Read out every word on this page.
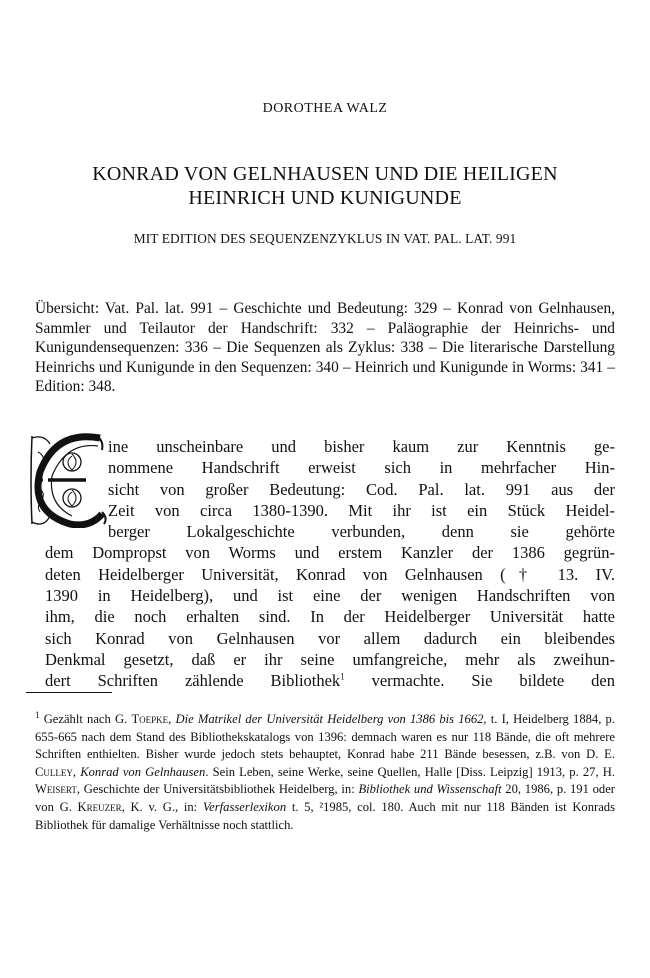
DOROTHEA WALZ
KONRAD VON GELNHAUSEN UND DIE HEILIGEN
HEINRICH UND KUNIGUNDE
MIT EDITION DES SEQUENZENZYKLUS IN VAT. PAL. LAT. 991
Übersicht: Vat. Pal. lat. 991 – Geschichte und Bedeutung: 329 – Konrad von Gelnhausen, Sammler und Teilautor der Handschrift: 332 – Paläographie der Heinrichs- und Kunigundensequenzen: 336 – Die Sequenzen als Zyklus: 338 – Die literarische Darstellung Heinrichs und Kunigunde in den Sequenzen: 340 – Heinrich und Kunigunde in Worms: 341 – Edition: 348.
ine unscheinbare und bisher kaum zur Kenntnis ge-
nommene Handschrift erweist sich in mehrfacher Hin-
sicht von großer Bedeutung: Cod. Pal. lat. 991 aus der
Zeit von circa 1380-1390. Mit ihr ist ein Stück Heidel-
berger Lokalgeschichte verbunden, denn sie gehörte
dem Dompropst von Worms und erstem Kanzler der 1386 gegrün-
deten Heidelberger Universität, Konrad von Gelnhausen († 13. IV.
1390 in Heidelberg), und ist eine der wenigen Handschriften von
ihm, die noch erhalten sind. In der Heidelberger Universität hatte
sich Konrad von Gelnhausen vor allem dadurch ein bleibendes
Denkmal gesetzt, daß er ihr seine umfangreiche, mehr als zweihun-
dert Schriften zählende Bibliothek$^1$ vermachte. Sie bildete den
$^1$ Gezählt nach G. Toepke, Die Matrikel der Universität Heidelberg von 1386 bis 1662, t. I, Heidelberg 1884, p. 655-665 nach dem Stand des Bibliothekskatalogs von 1396: demnach waren es nur 118 Bände, die oft mehrere Schriften enthielten. Bisher wurde jedoch stets behauptet, Konrad habe 211 Bände besessen, z.B. von D. E. Culley, Konrad von Gelnhausen. Sein Leben, seine Werke, seine Quellen, Halle [Diss. Leipzig] 1913, p. 27, H. Weisert, Geschichte der Universitätsbibliothek Heidelberg, in: Bibliothek und Wissenschaft 20, 1986, p. 191 oder von G. Kreuzer, K. v. G., in: Verfasserlexikon t. 5, ²1985, col. 180. Auch mit nur 118 Bänden ist Konrads Bibliothek für damalige Verhältnisse noch stattlich.
